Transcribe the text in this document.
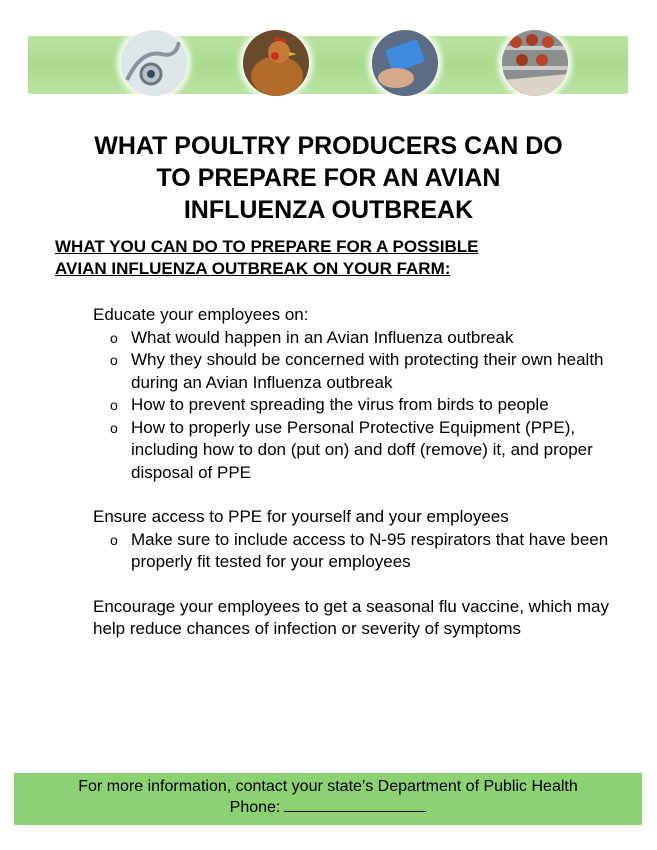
WHAT POULTRY PRODUCERS CAN DO
TO PREPARE FOR AN AVIAN
INFLUENZA OUTBREAK

WHAT YOU CAN DO TO PREPARE FOR A POSSIBLE
AVIAN INFLUENZA OUTBREAK ON YOUR FARM:

Educate your employees on:
o What would happen in an Avian Influenza outbreak
o Why they should be concerned with protecting their own health during an Avian Influenza outbreak
o How to prevent spreading the virus from birds to people
o How to properly use Personal Protective Equipment (PPE), including how to don (put on) and doff (remove) it, and proper disposal of PPE
Ensure access to PPE for yourself and your employees
o Make sure to include access to N-95 respirators that have been properly fit tested for your employees
Encourage your employees to get a seasonal flu vaccine, which may help reduce chances of infection or severity of symptoms
For more information, contact your state’s Department of Public Health
Phone:
